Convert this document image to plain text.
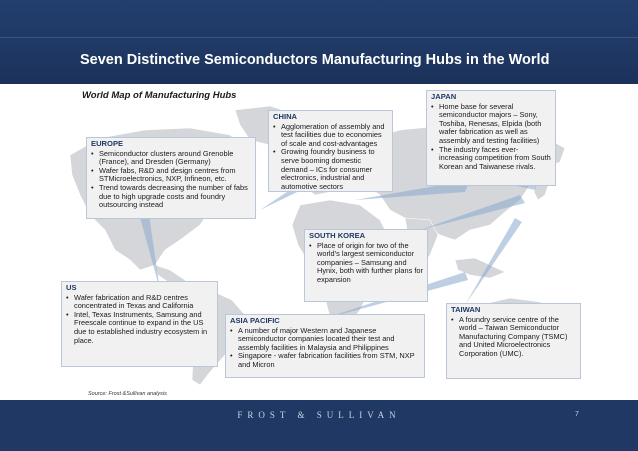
Seven Distinctive Semiconductors Manufacturing Hubs in the World
World Map of Manufacturing Hubs
EUROPE
• Semiconductor clusters around Grenoble (France), and Dresden (Germany)
• Wafer fabs, R&D and design centres from STMicroelectronics, NXP, Infineon, etc.
• Trend towards decreasing the number of fabs due to high upgrade costs and foundry outsourcing instead
CHINA
• Agglomeration of assembly and test facilities due to economies of scale and cost-advantages
• Growing foundry business to serve booming domestic demand – ICs for consumer electronics, industrial and automotive sectors
JAPAN
• Home base for several semiconductor majors – Sony, Toshiba, Renesas, Elpida (both wafer fabrication as well as assembly and testing facilities)
• The industry faces ever-increasing competition from South Korean and Taiwanese rivals.
SOUTH KOREA
• Place of origin for two of the world's largest semiconductor companies – Samsung and Hynix, both with further plans for expansion
US
• Wafer fabrication and R&D centres concentrated in Texas and California
• Intel, Texas Instruments, Samsung and Freescale continue to expand in the US due to established industry ecosystem in place.
ASIA PACIFIC
• A number of major Western and Japanese semiconductor companies located their test and assembly facilities in Malaysia and Philippines
• Singapore - wafer fabrication facilities from STM, NXP and Micron
TAIWAN
• A foundry service centre of the world – Taiwan Semiconductor Manufacturing Company (TSMC) and United Microelectronics Corporation (UMC).
Source: Frost &Sullivan analysis
FROST & SULLIVAN	7
